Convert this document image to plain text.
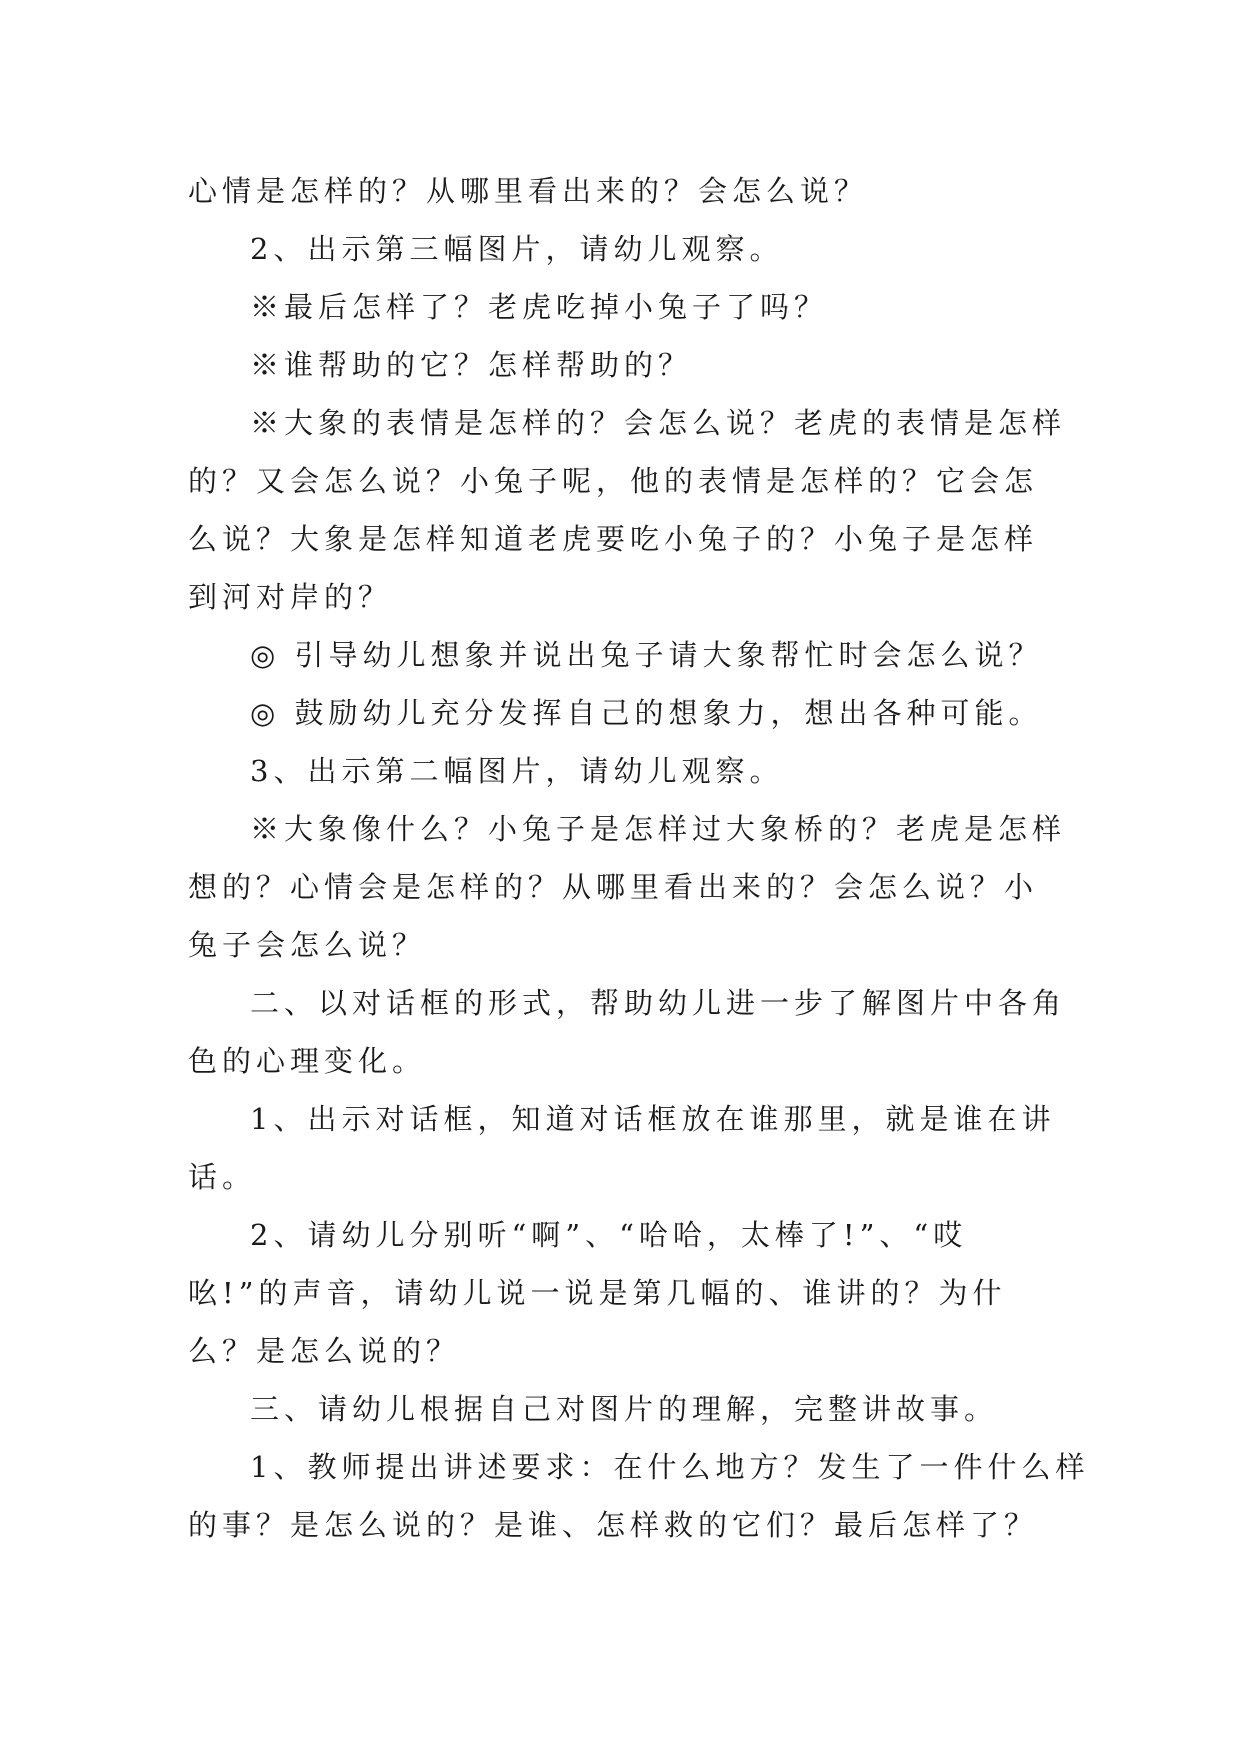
心情是怎样的？从哪里看出来的？会怎么说？

2、出示第三幅图片，请幼儿观察。

※最后怎样了？老虎吃掉小兔子了吗？

※谁帮助的它？怎样帮助的？

※大象的表情是怎样的？会怎么说？老虎的表情是怎样的？又会怎么说？小兔子呢，他的表情是怎样的？它会怎么说？大象是怎样知道老虎要吃小兔子的？小兔子是怎样到河对岸的？

◎ 引导幼儿想象并说出兔子请大象帮忙时会怎么说？

◎ 鼓励幼儿充分发挥自己的想象力，想出各种可能。

3、出示第二幅图片，请幼儿观察。

※大象像什么？小兔子是怎样过大象桥的？老虎是怎样想的？心情会是怎样的？从哪里看出来的？会怎么说？小兔子会怎么说？

二、以对话框的形式，帮助幼儿进一步了解图片中各角色的心理变化。

1、出示对话框，知道对话框放在谁那里，就是谁在讲话。

2、请幼儿分别听“啊”、“哈哈，太棒了!”、“哎吆!”的声音，请幼儿说一说是第几幅的、谁讲的？为什么？是怎么说的？

三、请幼儿根据自己对图片的理解，完整讲故事。

1、教师提出讲述要求：在什么地方？发生了一件什么样的事？是怎么说的？是谁、怎样救的它们？最后怎样了？
